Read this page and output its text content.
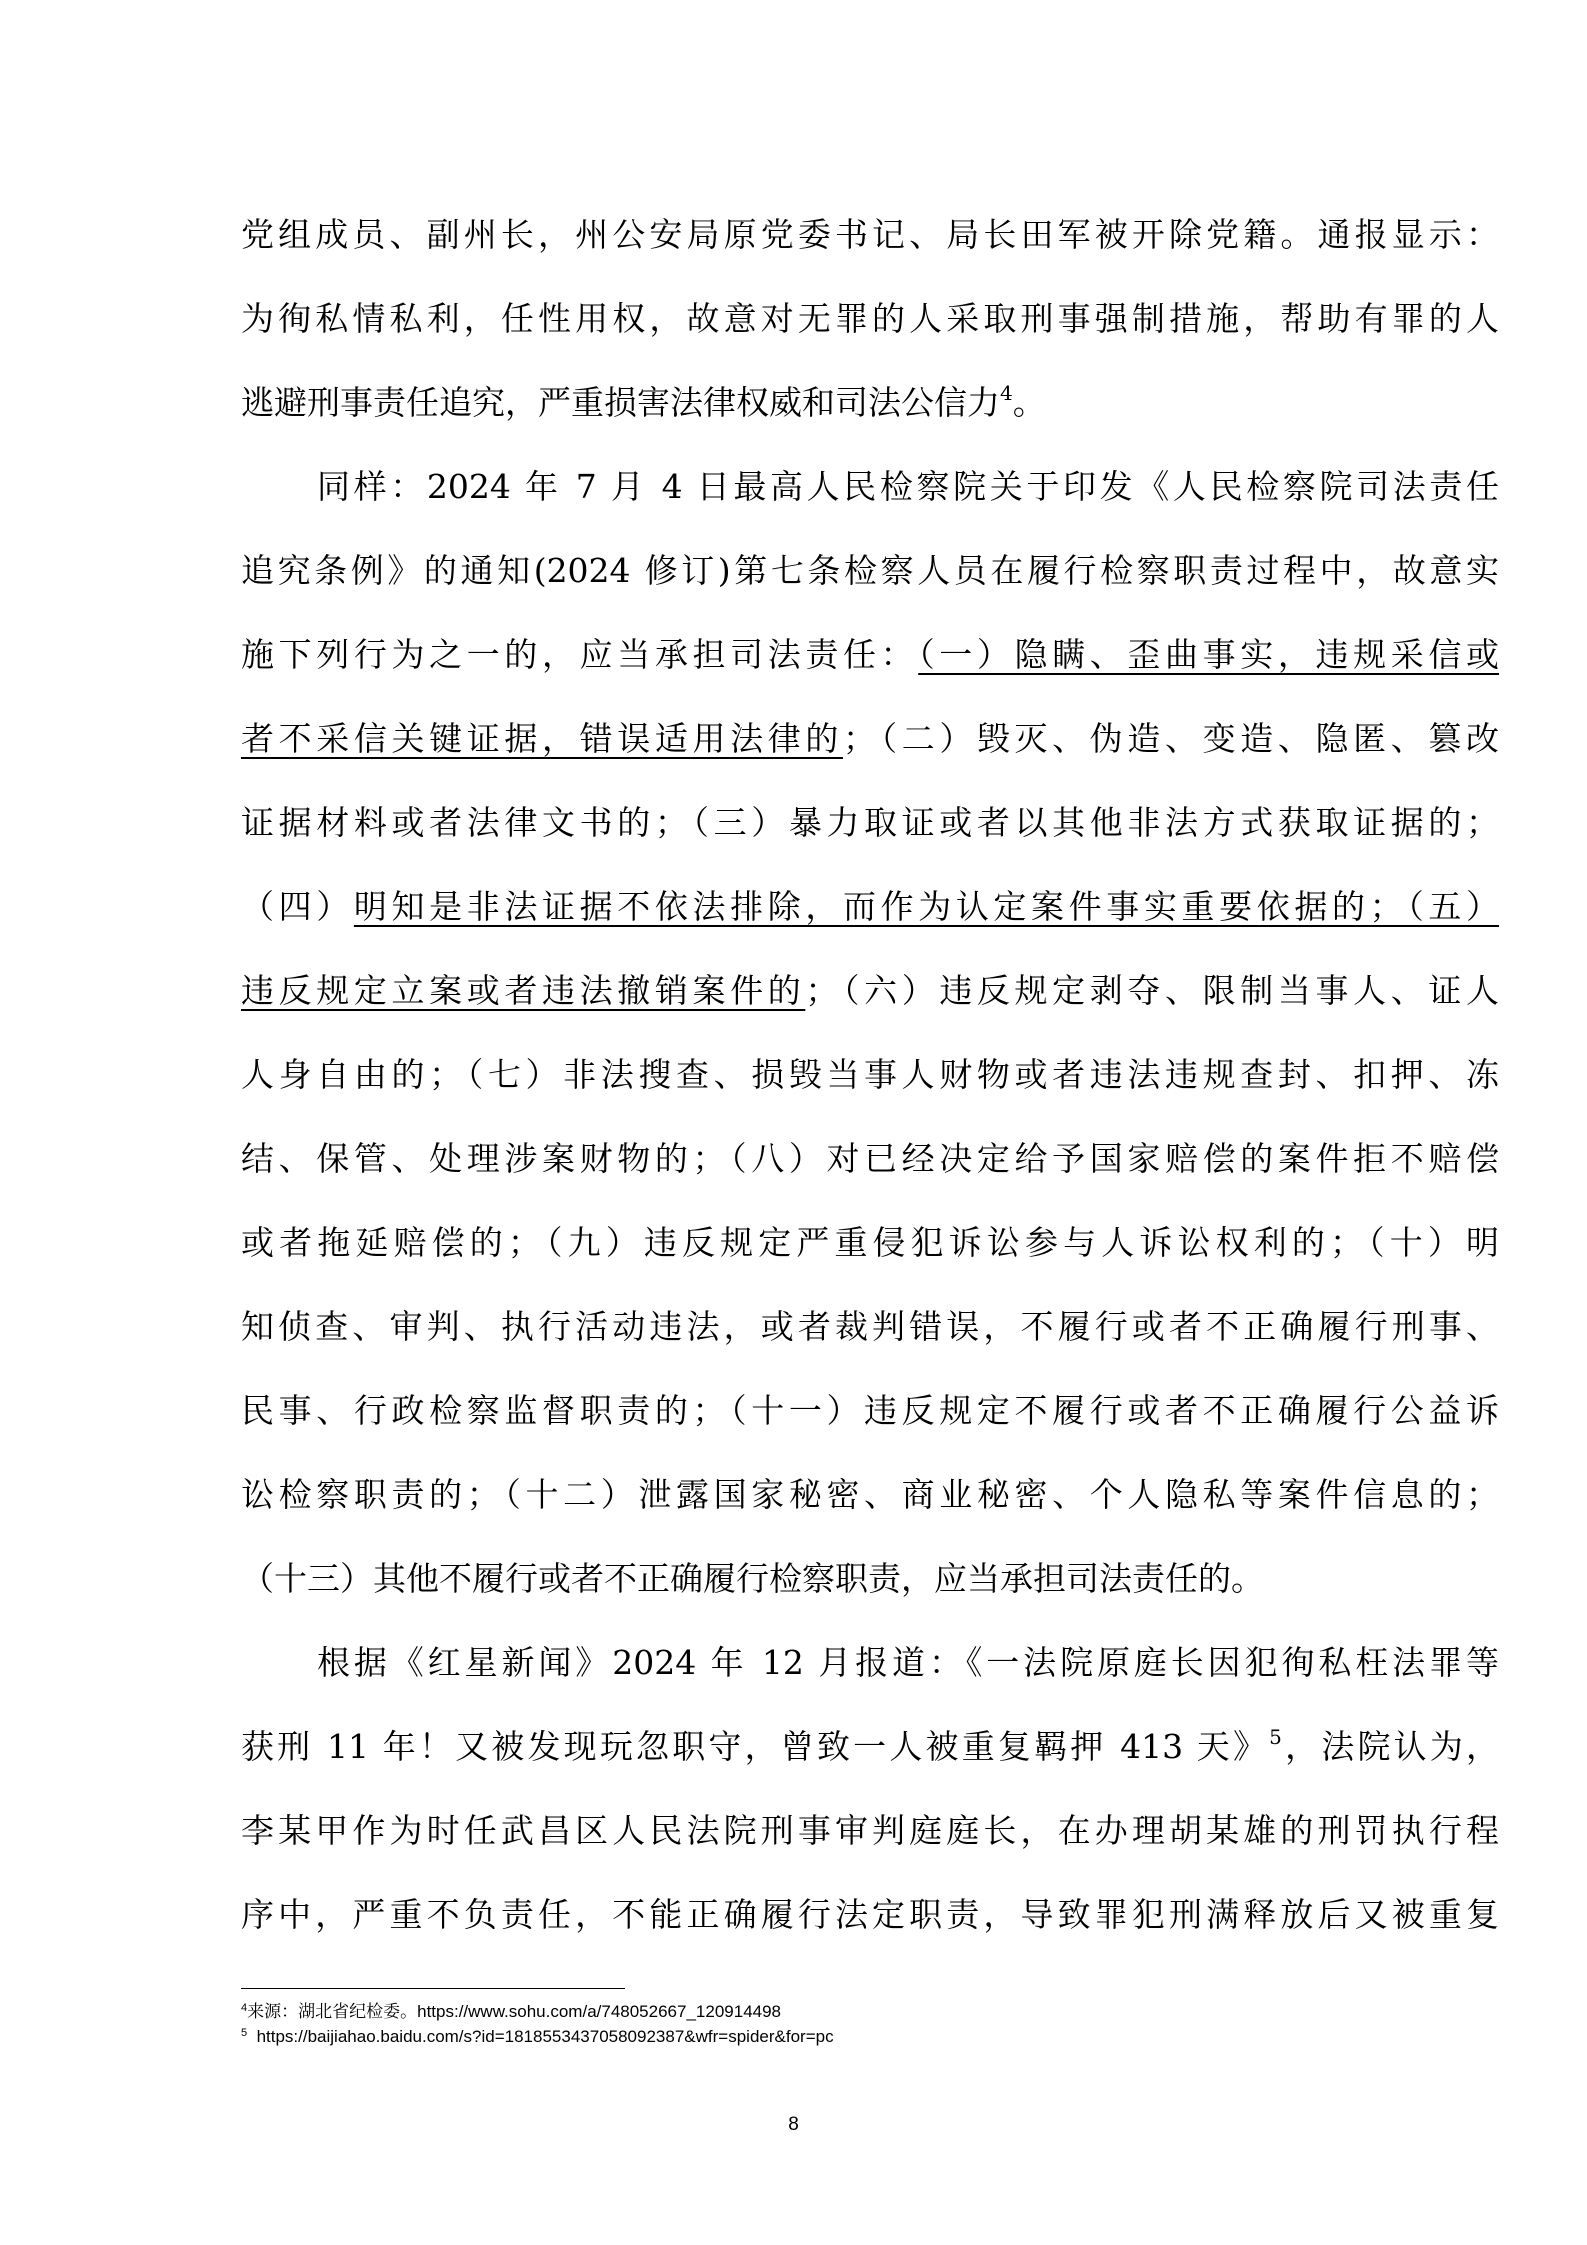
党组成员、副州长，州公安局原党委书记、局长田军被开除党籍。通报显示：
为徇私情私利，任性用权，故意对无罪的人采取刑事强制措施，帮助有罪的人
逃避刑事责任追究，严重损害法律权威和司法公信力$^4$。
同样：2024 年 7 月 4 日最高人民检察院关于印发《人民检察院司法责任
追究条例》的通知(2024 修订)第七条检察人员在履行检察职责过程中，故意实
施下列行为之一的，应当承担司法责任：（一）隐瞒、歪曲事实，违规采信或
者不采信关键证据，错误适用法律的；（二）毁灭、伪造、变造、隐匿、篡改
证据材料或者法律文书的；（三）暴力取证或者以其他非法方式获取证据的；
（四）明知是非法证据不依法排除，而作为认定案件事实重要依据的；（五）
违反规定立案或者违法撤销案件的；（六）违反规定剥夺、限制当事人、证人
人身自由的；（七）非法搜查、损毁当事人财物或者违法违规查封、扣押、冻
结、保管、处理涉案财物的；（八）对已经决定给予国家赔偿的案件拒不赔偿
或者拖延赔偿的；（九）违反规定严重侵犯诉讼参与人诉讼权利的；（十）明
知侦查、审判、执行活动违法，或者裁判错误，不履行或者不正确履行刑事、
民事、行政检察监督职责的；（十一）违反规定不履行或者不正确履行公益诉
讼检察职责的；（十二）泄露国家秘密、商业秘密、个人隐私等案件信息的；
（十三）其他不履行或者不正确履行检察职责，应当承担司法责任的。
根据《红星新闻》2024 年 12 月报道：《一法院原庭长因犯徇私枉法罪等
获刑 11 年！又被发现玩忽职守，曾致一人被重复羁押 413 天》$^5$，法院认为，
李某甲作为时任武昌区人民法院刑事审判庭庭长，在办理胡某雄的刑罚执行程
序中，严重不负责任，不能正确履行法定职责，导致罪犯刑满释放后又被重复
$^4$来源：湖北省纪检委。https://www.sohu.com/a/748052667_120914498
$^5$  https://baijiahao.baidu.com/s?id=1818553437058092387&wfr=spider&for=pc
8
